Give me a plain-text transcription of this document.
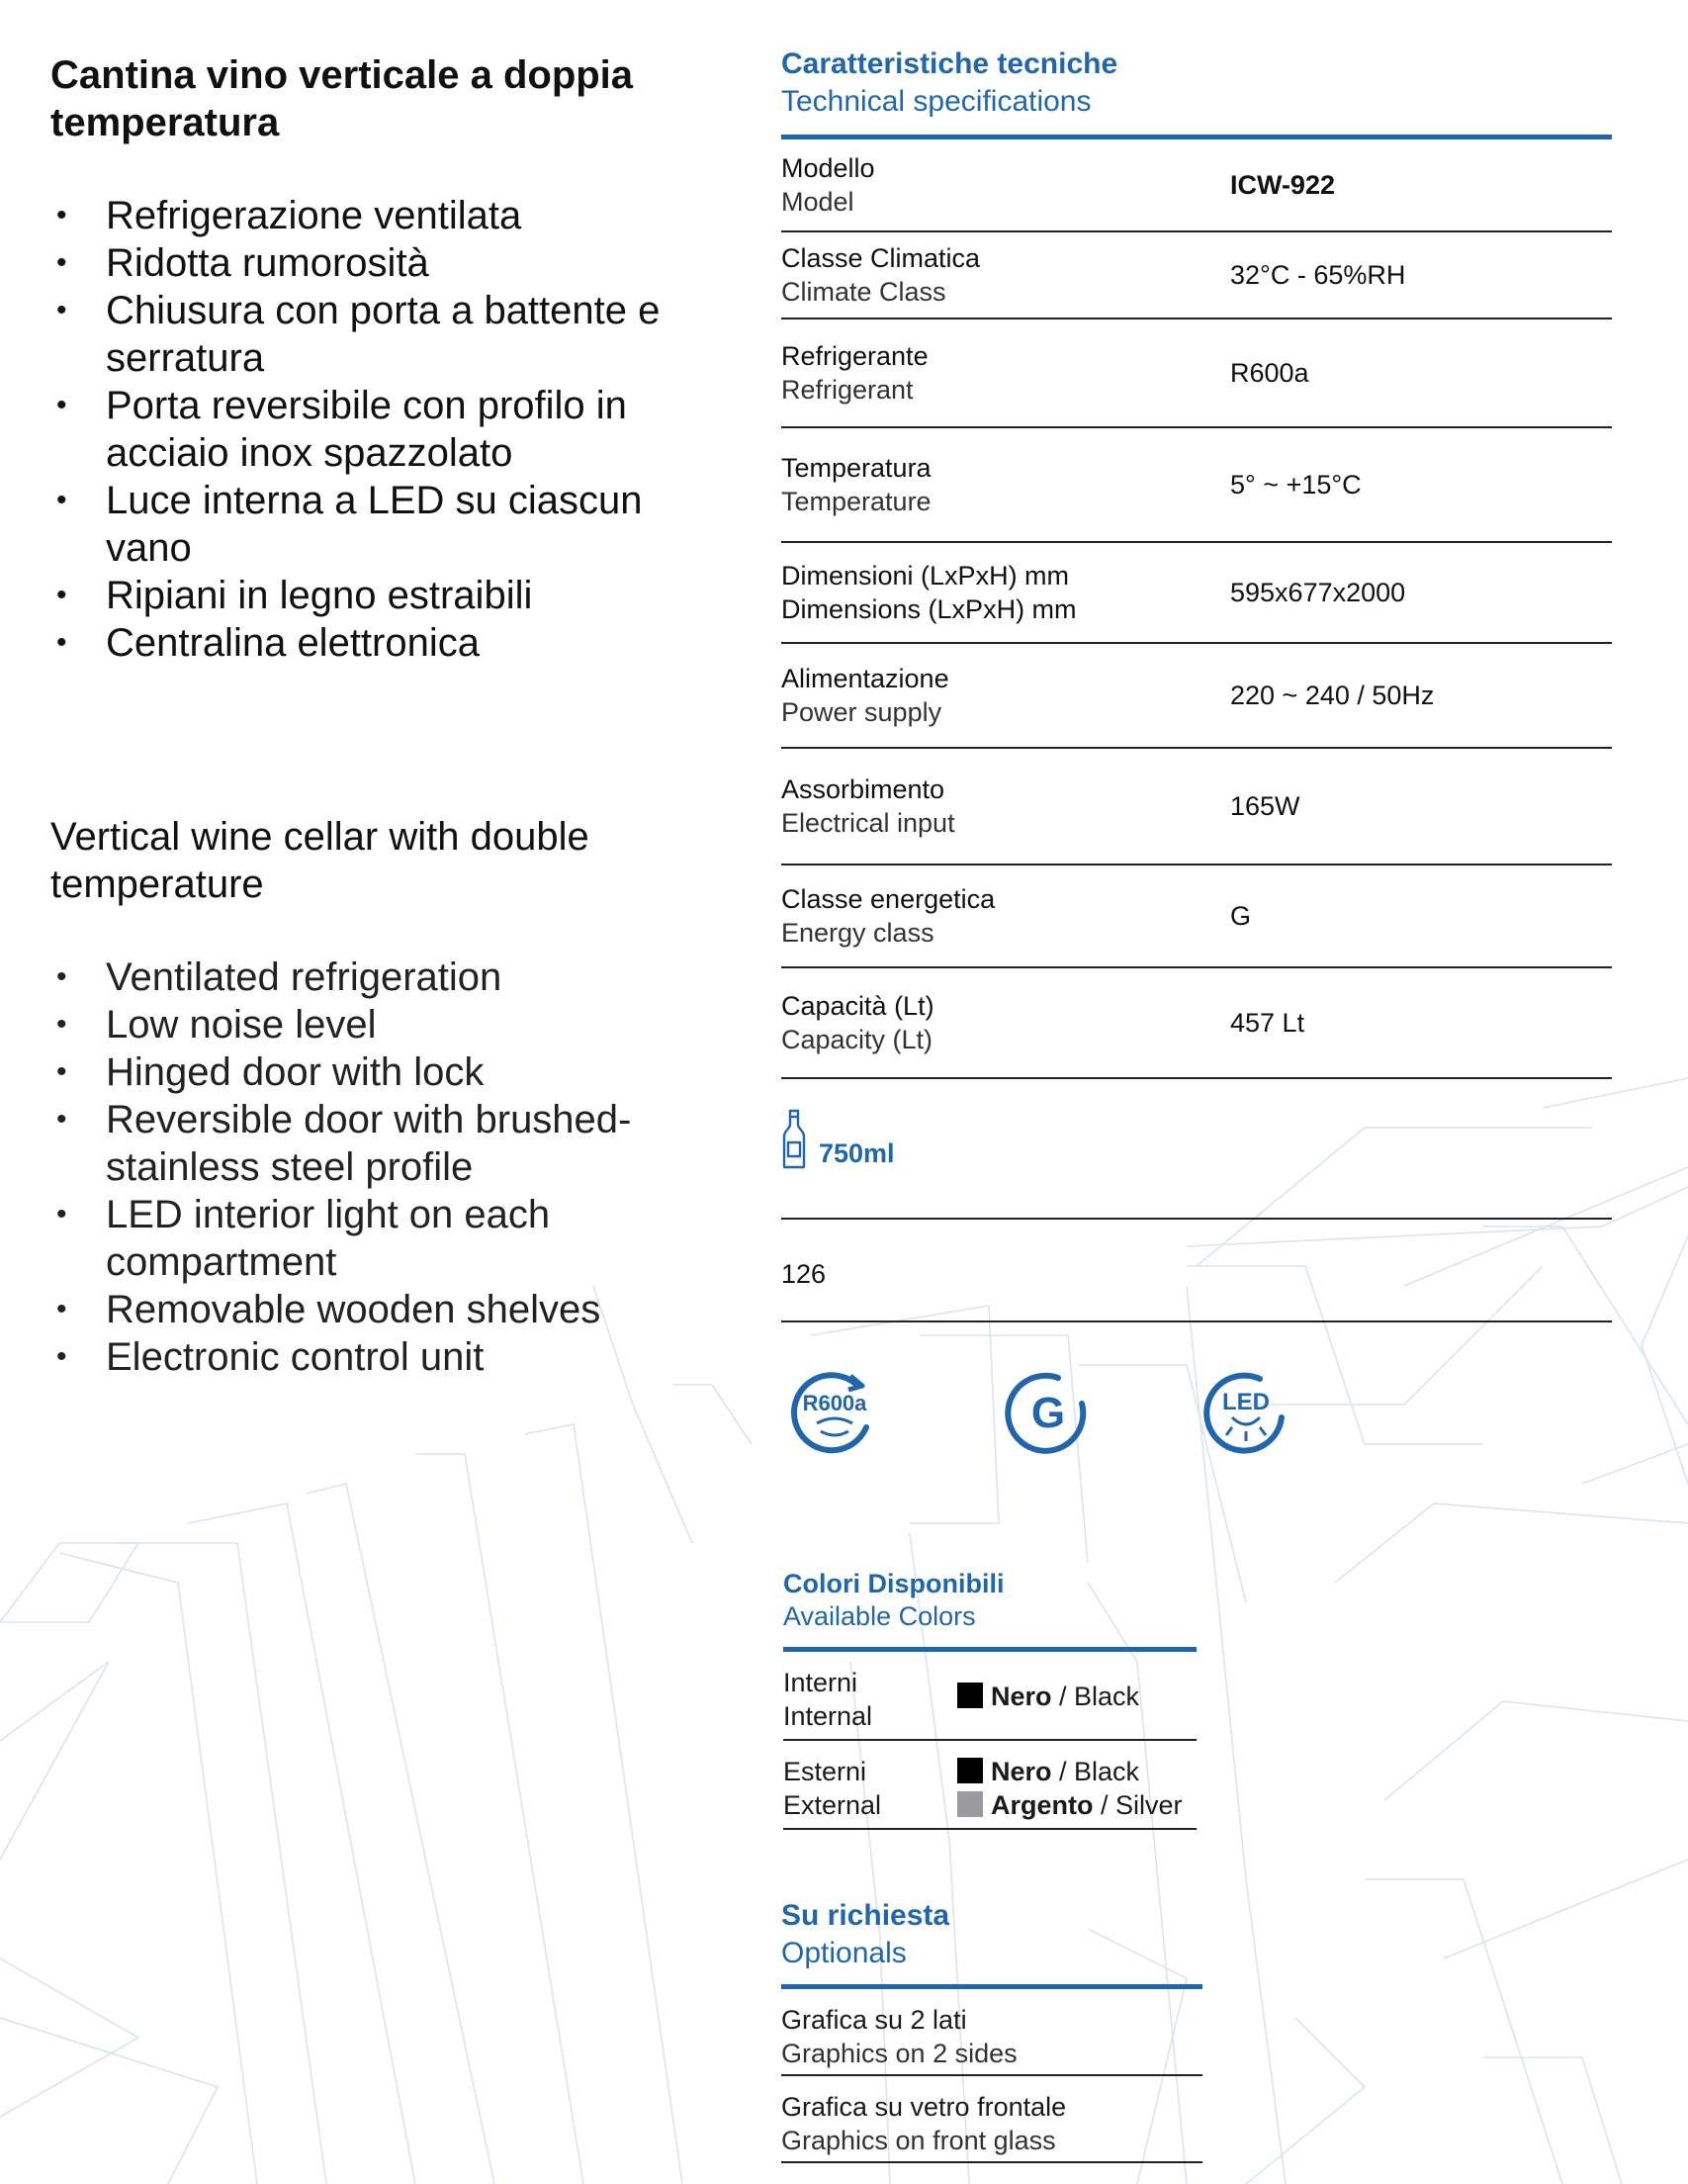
Cantina vino verticale a doppia temperatura
• Refrigerazione ventilata
• Ridotta rumorosità
• Chiusura con porta a battente e serratura
• Porta reversibile con profilo in acciaio inox spazzolato
• Luce interna a LED su ciascun vano
• Ripiani in legno estraibili
• Centralina elettronica
Vertical wine cellar with double temperature
• Ventilated refrigeration
• Low noise level
• Hinged door with lock
• Reversible door with brushed-stainless steel profile
• LED interior light on each compartment
• Removable wooden shelves
• Electronic control unit
Caratteristiche tecniche
Technical specifications
Modello
Model
ICW-922
Classe Climatica
Climate Class
32°C - 65%RH
Refrigerante
Refrigerant
R600a
Temperatura
Temperature
5° ~ +15°C
Dimensioni (LxPxH) mm
Dimensions (LxPxH) mm
595x677x2000
Alimentazione
Power supply
220 ~ 240 / 50Hz
Assorbimento
Electrical input
165W
Classe energetica
Energy class
G
Capacità (Lt)
Capacity (Lt)
457 Lt
750ml
126
R600a	G	LED
Colori Disponibili
Available Colors
Interni
Internal
Nero / Black
Esterni
External
Nero / Black
Argento / Silver
Su richiesta
Optionals
Grafica su 2 lati
Graphics on 2 sides
Grafica su vetro frontale
Graphics on front glass
